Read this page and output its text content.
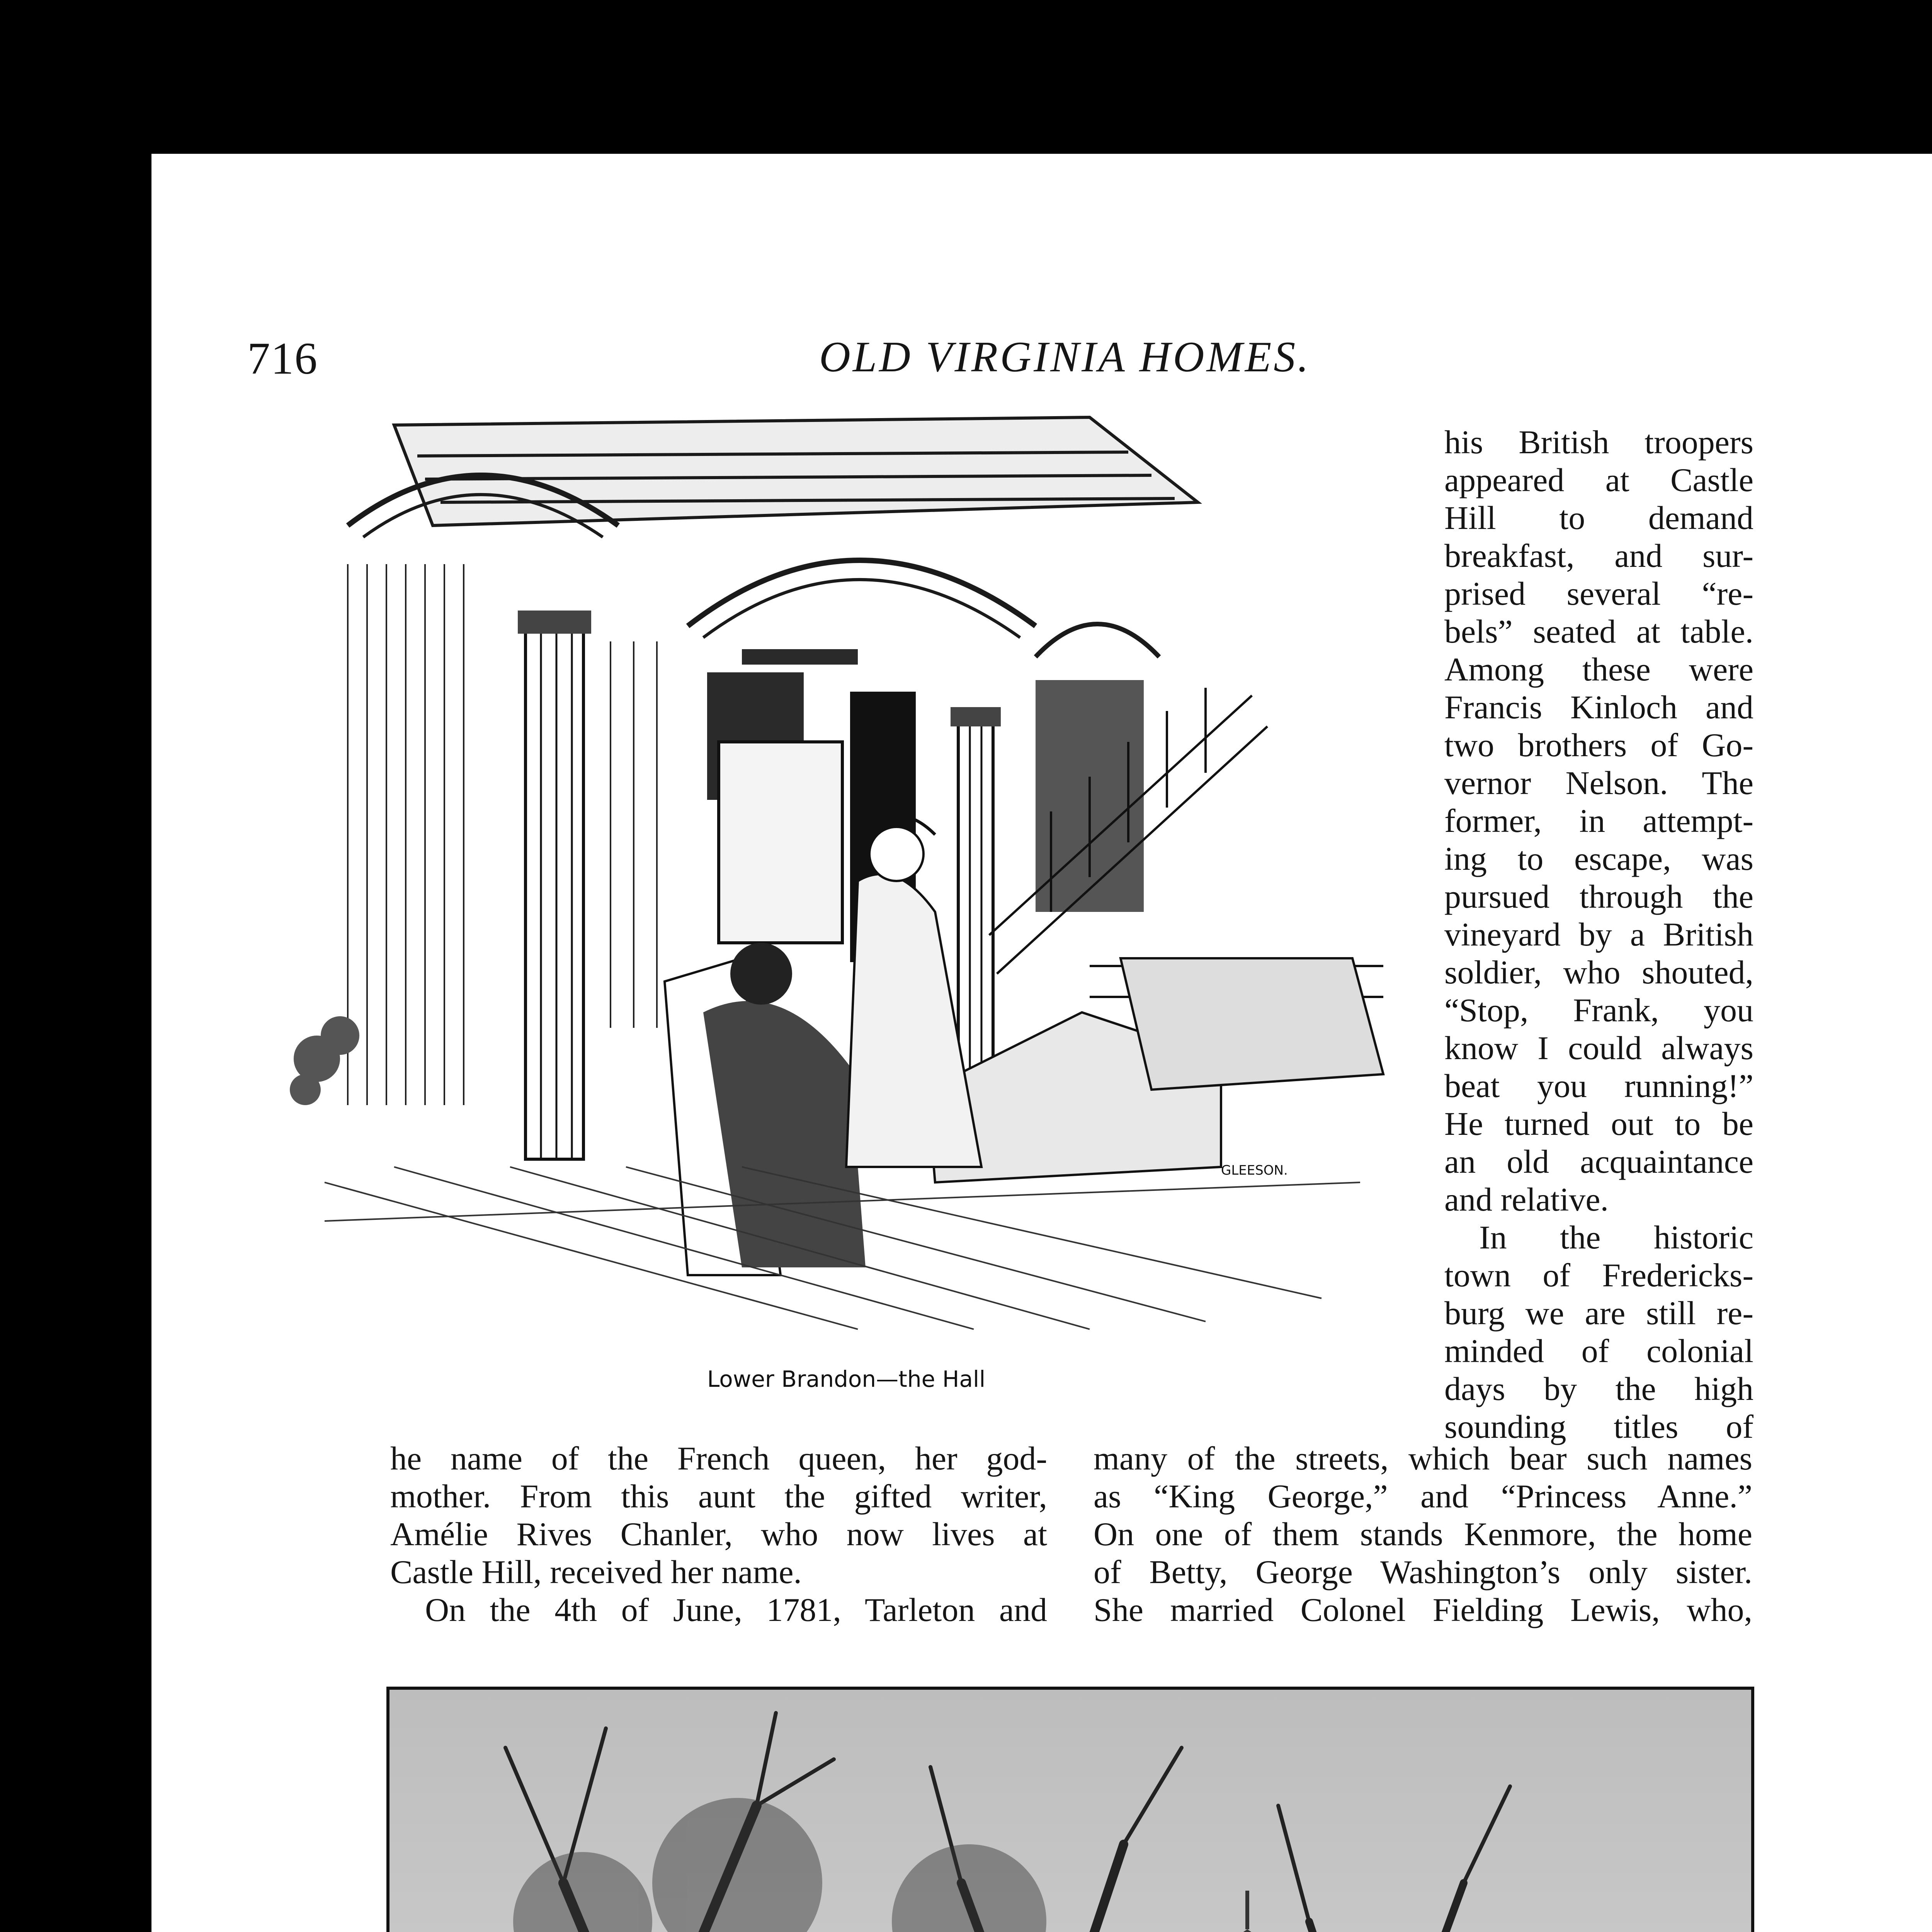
716	OLD VIRGINIA HOMES.
GLEESON.
Lower Brandon—the Hall
his British troopers
appeared at Castle
Hill to demand
breakfast, and sur-
prised several “re-
bels” seated at table.
Among these were
Francis Kinloch and
two brothers of Go-
vernor Nelson. The
former, in attempt-
ing to escape, was
pursued through the
vineyard by a British
soldier, who shouted,
“Stop, Frank, you
know I could always
beat you running!”
He turned out to be
an old acquaintance
and relative.
In the historic
town of Fredericks-
burg we are still re-
minded of colonial
days by the high
sounding titles of
he name of the French queen, her god-
mother. From this aunt the gifted writer,
Amélie Rives Chanler, who now lives at
Castle Hill, received her name.
On the 4th of June, 1781, Tarleton and
many of the streets, which bear such names
as “King George,” and “Princess Anne.”
On one of them stands Kenmore, the home
of Betty, George Washington’s only sister.
She married Colonel Fielding Lewis, who,
